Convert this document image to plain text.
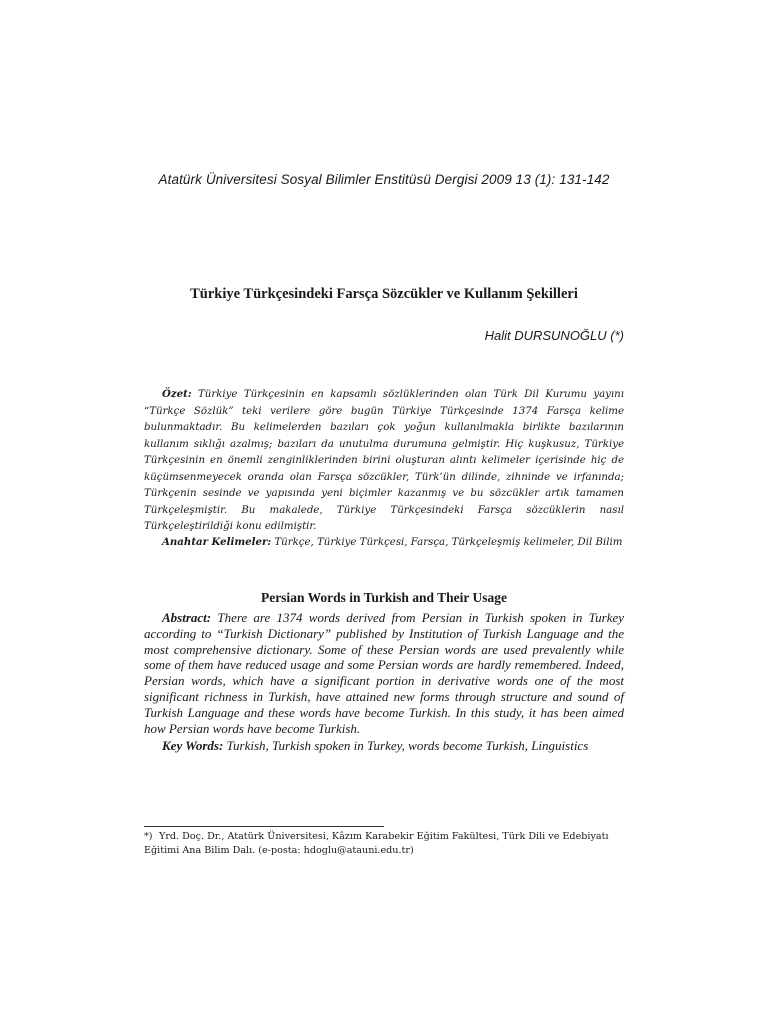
Atatürk Üniversitesi Sosyal Bilimler Enstitüsü Dergisi 2009 13 (1): 131-142
Türkiye Türkçesindeki Farsça Sözcükler ve Kullanım Şekilleri
Halit DURSUNOĞLU (*)
Özet: Türkiye Türkçesinin en kapsamlı sözlüklerinden olan Türk Dil Kurumu yayını “Türkçe Sözlük” teki verilere göre bugün Türkiye Türkçesinde 1374 Farsça kelime bulunmaktadır. Bu kelimelerden bazıları çok yoğun kullanılmakla birlikte bazılarının kullanım sıklığı azalmış; bazıları da unutulma durumuna gelmiştir. Hiç kuşkusuz, Türkiye Türkçesinin en önemli zenginliklerinden birini oluşturan alıntı kelimeler içerisinde hiç de küçümsenmeyecek oranda olan Farsça sözcükler, Türk’ün dilinde, zihninde ve irfanında; Türkçenin sesinde ve yapısında yeni biçimler kazanmış ve bu sözcükler artık tamamen Türkçeleşmiştir. Bu makalede, Türkiye Türkçesindeki Farsça sözcüklerin nasıl Türkçeleştirildiği konu edilmiştir.
Anahtar Kelimeler: Türkçe, Türkiye Türkçesi, Farsça, Türkçeleşmiş kelimeler, Dil Bilim
Persian Words in Turkish and Their Usage
Abstract: There are 1374 words derived from Persian in Turkish spoken in Turkey according to “Turkish Dictionary” published by Institution of Turkish Language and the most comprehensive dictionary. Some of these Persian words are used prevalently while some of them have reduced usage and some Persian words are hardly remembered. Indeed, Persian words, which have a significant portion in derivative words one of the most significant richness in Turkish, have attained new forms through structure and sound of Turkish Language and these words have become Turkish. In this study, it has been aimed how Persian words have become Turkish.
Key Words: Turkish, Turkish spoken in Turkey, words become Turkish, Linguistics
*) Yrd. Doç. Dr., Atatürk Üniversitesi, Kâzım Karabekir Eğitim Fakültesi, Türk Dili ve Edebiyatı Eğitimi Ana Bilim Dalı. (e-posta: hdoglu@atauni.edu.tr)
